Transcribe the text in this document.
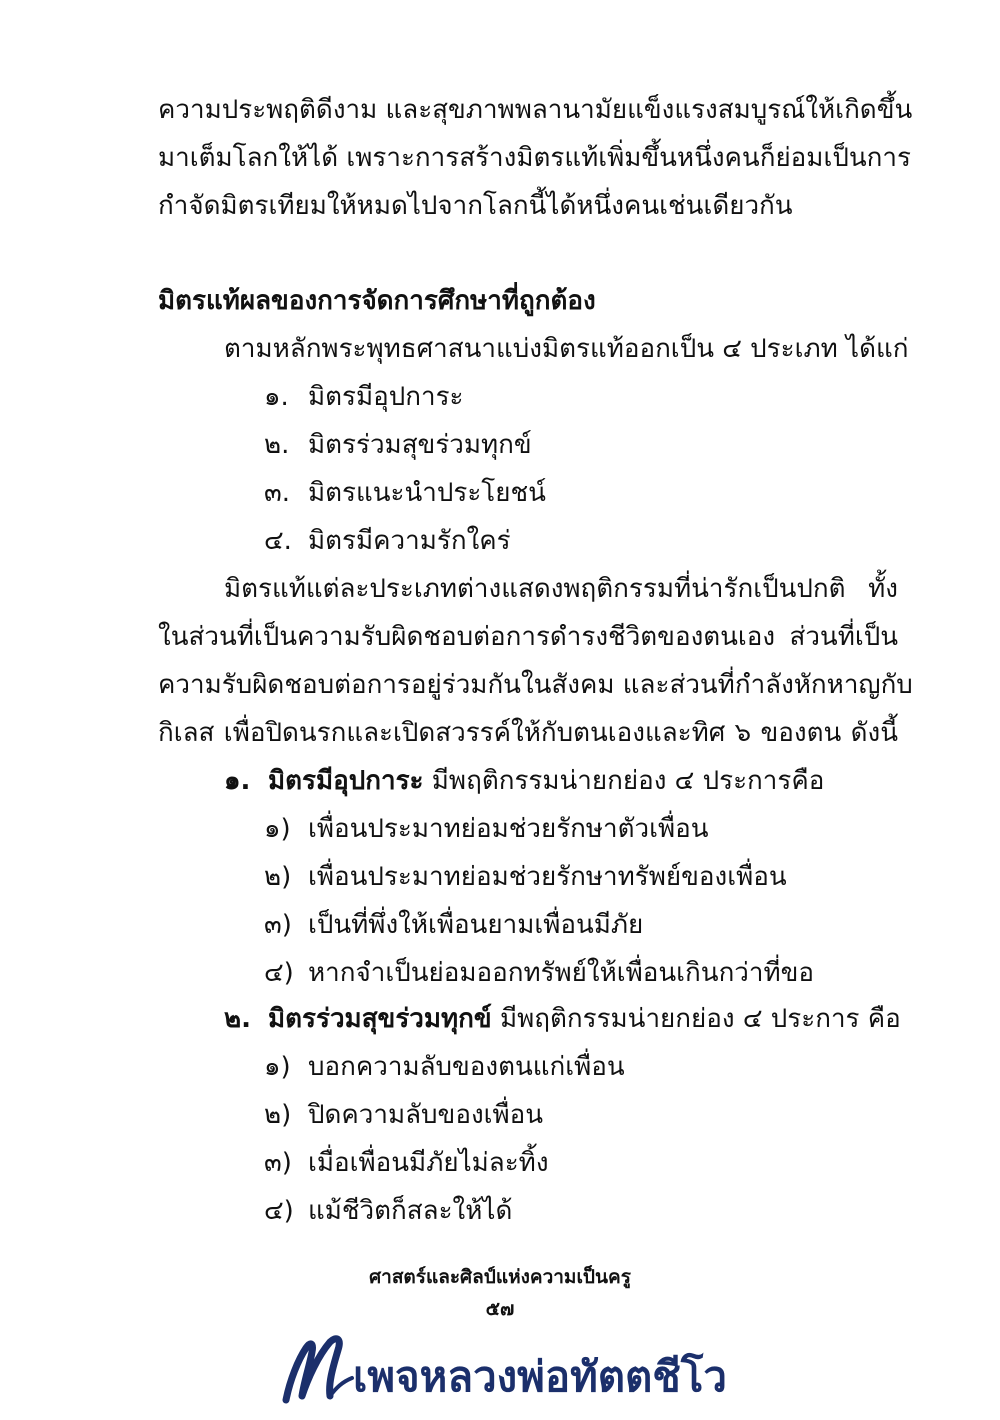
ความประพฤติดีงาม และสุขภาพพลานามัยแข็งแรงสมบูรณ์ให้เกิดขึ้น
มาเต็มโลกให้ได้ เพราะการสร้างมิตรแท้เพิ่มขึ้นหนึ่งคนก็ย่อมเป็นการ
กำจัดมิตรเทียมให้หมดไปจากโลกนี้ได้หนึ่งคนเช่นเดียวกัน
มิตรแท้ผลของการจัดการศึกษาที่ถูกต้อง
ตามหลักพระพุทธศาสนาแบ่งมิตรแท้ออกเป็น ๔ ประเภท ได้แก่
๑. มิตรมีอุปการะ
๒. มิตรร่วมสุขร่วมทุกข์
๓. มิตรแนะนำประโยชน์
๔. มิตรมีความรักใคร่
มิตรแท้แต่ละประเภทต่างแสดงพฤติกรรมที่น่ารักเป็นปกติ ทั้ง
ในส่วนที่เป็นความรับผิดชอบต่อการดำรงชีวิตของตนเอง ส่วนที่เป็น
ความรับผิดชอบต่อการอยู่ร่วมกันในสังคม และส่วนที่กำลังหักหาญกับ
กิเลส เพื่อปิดนรกและเปิดสวรรค์ให้กับตนเองและทิศ ๖ ของตน ดังนี้
๑. มิตรมีอุปการะ มีพฤติกรรมน่ายกย่อง ๔ ประการคือ
๑) เพื่อนประมาทย่อมช่วยรักษาตัวเพื่อน
๒) เพื่อนประมาทย่อมช่วยรักษาทรัพย์ของเพื่อน
๓) เป็นที่พึ่งให้เพื่อนยามเพื่อนมีภัย
๔) หากจำเป็นย่อมออกทรัพย์ให้เพื่อนเกินกว่าที่ขอ
๒. มิตรร่วมสุขร่วมทุกข์ มีพฤติกรรมน่ายกย่อง ๔ ประการ คือ
๑) บอกความลับของตนแก่เพื่อน
๒) ปิดความลับของเพื่อน
๓) เมื่อเพื่อนมีภัยไม่ละทิ้ง
๔) แม้ชีวิตก็สละให้ได้
ศาสตร์และศิลป์แห่งความเป็นครู
๕๗
เพจหลวงพ่อทัตตชีโว
